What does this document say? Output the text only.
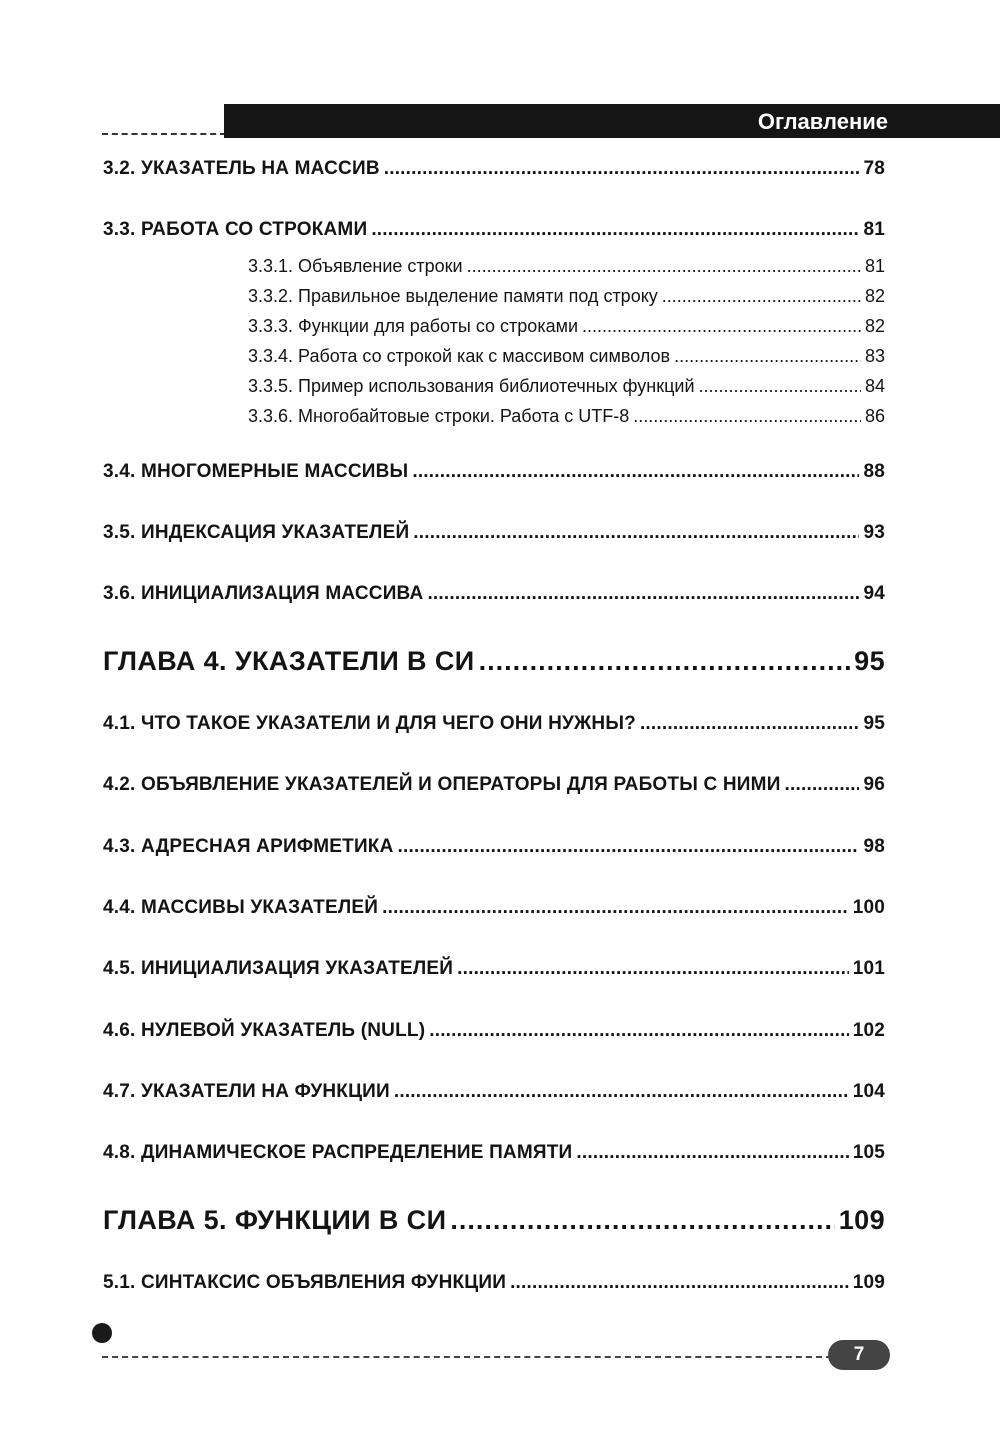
Оглавление
3.2. УКАЗАТЕЛЬ НА МАССИВ .....	78
3.3. РАБОТА СО СТРОКАМИ .....	81
3.3.1. Объявление строки .....	81
3.3.2. Правильное выделение памяти под строку .....	82
3.3.3. Функции для работы со строками .....	82
3.3.4. Работа со строкой как с массивом символов .....	83
3.3.5. Пример использования библиотечных функций .....	84
3.3.6. Многобайтовые строки. Работа с UTF-8 .....	86
3.4. МНОГОМЕРНЫЕ МАССИВЫ .....	88
3.5. ИНДЕКСАЦИЯ УКАЗАТЕЛЕЙ .....	93
3.6. ИНИЦИАЛИЗАЦИЯ МАССИВА .....	94
ГЛАВА 4. УКАЗАТЕЛИ В СИ .....	95
4.1. ЧТО ТАКОЕ УКАЗАТЕЛИ И ДЛЯ ЧЕГО ОНИ НУЖНЫ? .....	95
4.2. ОБЪЯВЛЕНИЕ УКАЗАТЕЛЕЙ И ОПЕРАТОРЫ ДЛЯ РАБОТЫ С НИМИ .....	96
4.3. АДРЕСНАЯ АРИФМЕТИКА .....	98
4.4. МАССИВЫ УКАЗАТЕЛЕЙ .....	100
4.5. ИНИЦИАЛИЗАЦИЯ УКАЗАТЕЛЕЙ .....	101
4.6. НУЛЕВОЙ УКАЗАТЕЛЬ (NULL) .....	102
4.7. УКАЗАТЕЛИ НА ФУНКЦИИ .....	104
4.8. ДИНАМИЧЕСКОЕ РАСПРЕДЕЛЕНИЕ ПАМЯТИ .....	105
ГЛАВА 5. ФУНКЦИИ В СИ .....	109
5.1. СИНТАКСИС ОБЪЯВЛЕНИЯ ФУНКЦИИ .....	109
7
